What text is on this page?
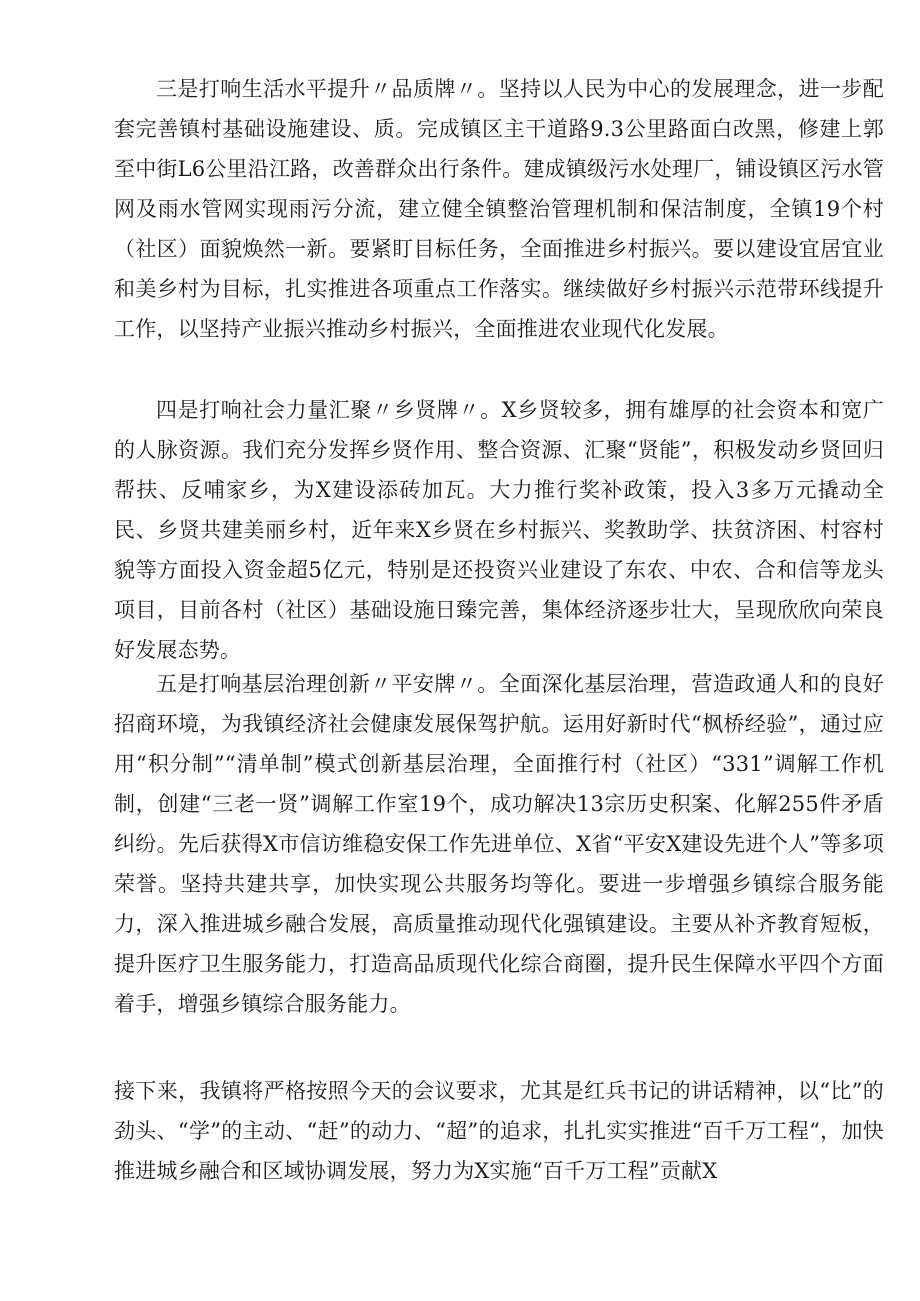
三是打响生活水平提升〃品质牌〃。坚持以人民为中心的发展理念，进一步配套完善镇村基础设施建设、质。完成镇区主干道路9.3公里路面白改黑，修建上郭至中街L6公里沿江路，改善群众出行条件。建成镇级污水处理厂，铺设镇区污水管网及雨水管网实现雨污分流，建立健全镇整治管理机制和保洁制度，全镇19个村（社区）面貌焕然一新。要紧盯目标任务，全面推进乡村振兴。要以建设宜居宜业和美乡村为目标，扎实推进各项重点工作落实。继续做好乡村振兴示范带环线提升工作，以坚持产业振兴推动乡村振兴，全面推进农业现代化发展。

四是打响社会力量汇聚〃乡贤牌〃。X乡贤较多，拥有雄厚的社会资本和宽广的人脉资源。我们充分发挥乡贤作用、整合资源、汇聚“贤能”，积极发动乡贤回归帮扶、反哺家乡，为X建设添砖加瓦。大力推行奖补政策，投入3多万元撬动全民、乡贤共建美丽乡村，近年来X乡贤在乡村振兴、奖教助学、扶贫济困、村容村貌等方面投入资金超5亿元，特别是还投资兴业建设了东农、中农、合和信等龙头项目，目前各村（社区）基础设施日臻完善，集体经济逐步壮大，呈现欣欣向荣良好发展态势。

五是打响基层治理创新〃平安牌〃。全面深化基层治理，营造政通人和的良好招商环境，为我镇经济社会健康发展保驾护航。运用好新时代“枫桥经验”，通过应用“积分制”“清单制”模式创新基层治理，全面推行村（社区）“331”调解工作机制，创建“三老一贤”调解工作室19个，成功解决13宗历史积案、化解255件矛盾纠纷。先后获得X市信访维稳安保工作先进单位、X省“平安X建设先进个人”等多项荣誉。坚持共建共享，加快实现公共服务均等化。要进一步增强乡镇综合服务能力，深入推进城乡融合发展，高质量推动现代化强镇建设。主要从补齐教育短板，提升医疗卫生服务能力，打造高品质现代化综合商圈，提升民生保障水平四个方面着手，增强乡镇综合服务能力。

接下来，我镇将严格按照今天的会议要求，尤其是红兵书记的讲话精神，以“比”的劲头、“学”的主动、“赶”的动力、“超”的追求，扎扎实实推进“百千万工程“，加快推进城乡融合和区域协调发展，努力为X实施“百千万工程”贡献X
